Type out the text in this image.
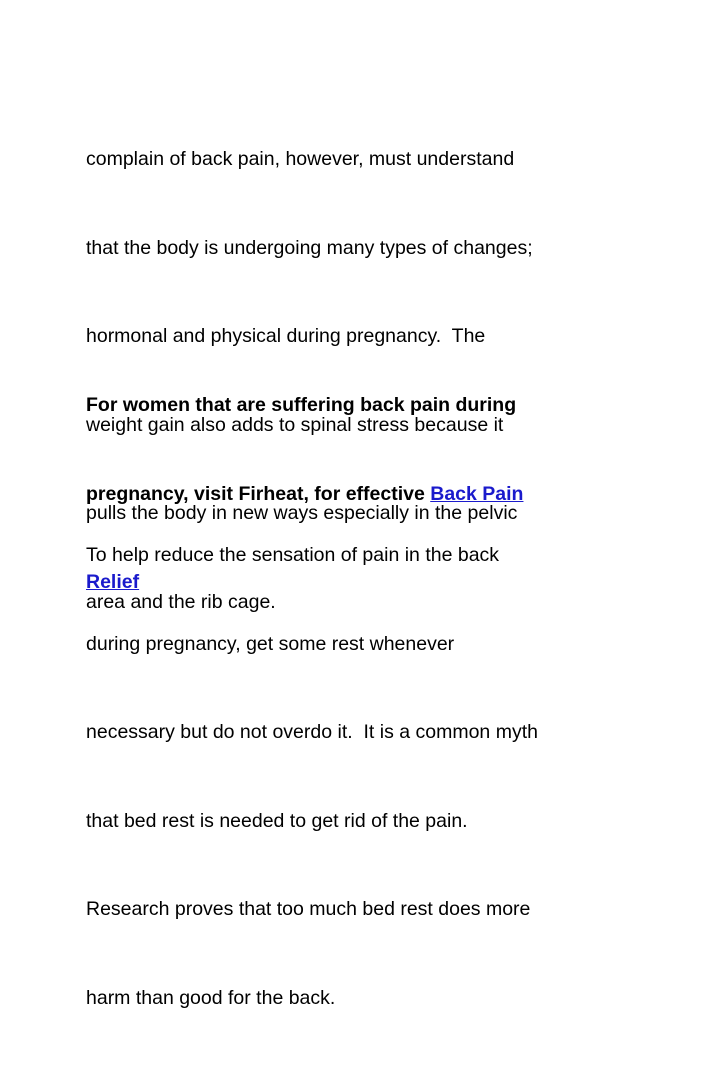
complain of back pain, however, must understand

that the body is undergoing many types of changes;

hormonal and physical during pregnancy.  The

weight gain also adds to spinal stress because it

pulls the body in new ways especially in the pelvic

area and the rib cage.

For women that are suffering back pain during

pregnancy, visit Firheat, for effective Back Pain

Relief

To help reduce the sensation of pain in the back

during pregnancy, get some rest whenever

necessary but do not overdo it.  It is a common myth

that bed rest is needed to get rid of the pain.

Research proves that too much bed rest does more

harm than good for the back.
